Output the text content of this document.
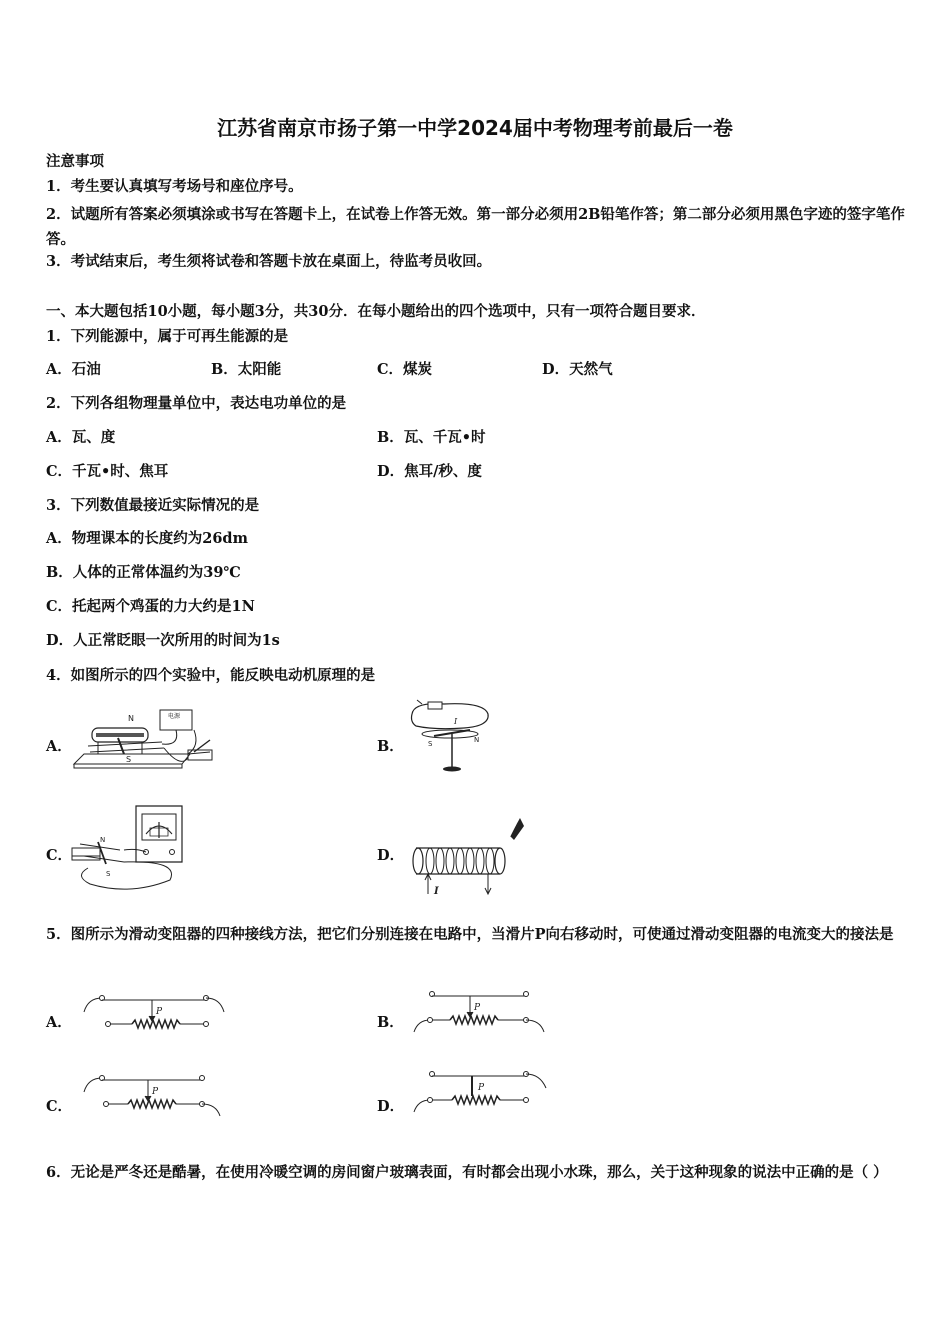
江苏省南京市扬子第一中学2024届中考物理考前最后一卷
注意事项
1．考生要认真填写考场号和座位序号。
2．试题所有答案必须填涂或书写在答题卡上，在试卷上作答无效。第一部分必须用2B铅笔作答；第二部分必须用黑色字迹的签字笔作答。
3．考试结束后，考生须将试卷和答题卡放在桌面上，待监考员收回。
一、本大题包括10小题，每小题3分，共30分．在每小题给出的四个选项中，只有一项符合题目要求．
1．下列能源中，属于可再生能源的是
A．石油	B．太阳能	C．煤炭	D．天然气
2．下列各组物理量单位中，表达电功单位的是
A．瓦、度	B．瓦、千瓦•时
C．千瓦•时、焦耳	D．焦耳/秒、度
3．下列数值最接近实际情况的是
A．物理课本的长度约为26dm
B．人体的正常体温约为39℃
C．托起两个鸡蛋的力大约是1N
D．人正常眨眼一次所用的时间为1s
4．如图所示的四个实验中，能反映电动机原理的是
A．	B．
C．	D．
N
S
电源
S	N
I
N
S
I
5．图所示为滑动变阻器的四种接线方法，把它们分别连接在电路中，当滑片P向右移动时，可使通过滑动变阻器的电流变大的接法是
A．	B．
C．	D．
P	P
P	P
6．无论是严冬还是酷暑，在使用冷暖空调的房间窗户玻璃表面，有时都会出现小水珠，那么，关于这种现象的说法中正确的是（ ）
